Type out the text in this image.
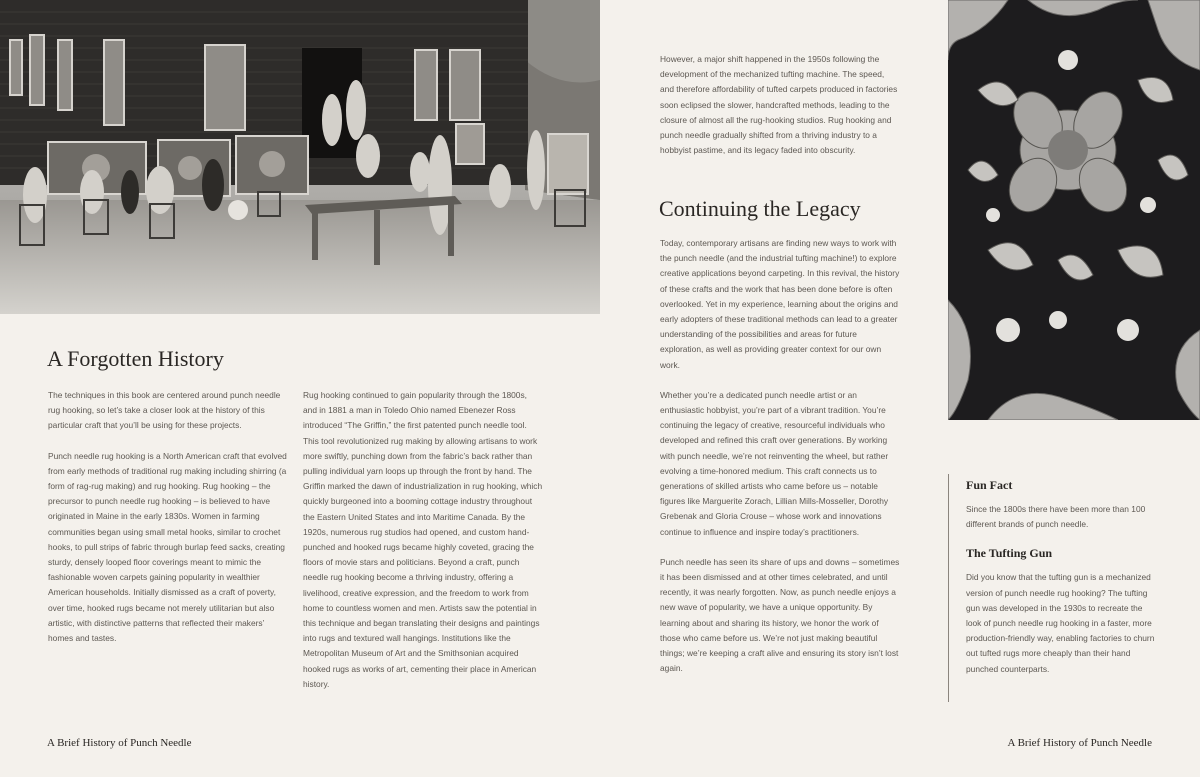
A Forgotten History

The techniques in this book are centered around punch needle rug hooking, so let’s take a closer look at the history of this particular craft that you’ll be using for these projects.

Punch needle rug hooking is a North American craft that evolved from early methods of traditional rug making including shirring (a form of rag-rug making) and rug hooking. Rug hooking – the precursor to punch needle rug hooking – is believed to have originated in Maine in the early 1830s. Women in farming communities began using small metal hooks, similar to crochet hooks, to pull strips of fabric through burlap feed sacks, creating sturdy, densely looped floor coverings meant to mimic the fashionable woven carpets gaining popularity in wealthier American households. Initially dismissed as a craft of poverty, over time, hooked rugs became not merely utilitarian but also artistic, with distinctive patterns that reflected their makers’ homes and tastes.

Rug hooking continued to gain popularity through the 1800s, and in 1881 a man in Toledo Ohio named Ebenezer Ross introduced “The Griffin,” the first patented punch needle tool. This tool revolutionized rug making by allowing artisans to work more swiftly, punching down from the fabric’s back rather than pulling individual yarn loops up through the front by hand. The Griffin marked the dawn of industrialization in rug hooking, which quickly burgeoned into a booming cottage industry throughout the Eastern United States and into Maritime Canada. By the 1920s, numerous rug studios had opened, and custom hand-punched and hooked rugs became highly coveted, gracing the floors of movie stars and politicians. Beyond a craft, punch needle rug hooking become a thriving industry, offering a livelihood, creative expression, and the freedom to work from home to countless women and men. Artists saw the potential in this technique and began translating their designs and paintings into rugs and textured wall hangings. Institutions like the Metropolitan Museum of Art and the Smithsonian acquired hooked rugs as works of art, cementing their place in American history.

However, a major shift happened in the 1950s following the development of the mechanized tufting machine. The speed, and therefore affordability of tufted carpets produced in factories soon eclipsed the slower, handcrafted methods, leading to the closure of almost all the rug-hooking studios. Rug hooking and punch needle gradually shifted from a thriving industry to a hobbyist pastime, and its legacy faded into obscurity.

Continuing the Legacy

Today, contemporary artisans are finding new ways to work with the punch needle (and the industrial tufting machine!) to explore creative applications beyond carpeting. In this revival, the history of these crafts and the work that has been done before is often overlooked. Yet in my experience, learning about the origins and early adopters of these traditional methods can lead to a greater understanding of the possibilities and areas for future exploration, as well as providing greater context for our own work.

Whether you’re a dedicated punch needle artist or an enthusiastic hobbyist, you’re part of a vibrant tradition. You’re continuing the legacy of creative, resourceful individuals who developed and refined this craft over generations. By working with punch needle, we’re not reinventing the wheel, but rather evolving a time-honored medium. This craft connects us to generations of skilled artists who came before us – notable figures like Marguerite Zorach, Lillian Mills-Mosseller, Dorothy Grebenak and Gloria Crouse – whose work and innovations continue to influence and inspire today’s practitioners.

Punch needle has seen its share of ups and downs – sometimes it has been dismissed and at other times celebrated, and until recently, it was nearly forgotten. Now, as punch needle enjoys a new wave of popularity, we have a unique opportunity. By learning about and sharing its history, we honor the work of those who came before us. We’re not just making beautiful things; we’re keeping a craft alive and ensuring its story isn’t lost again.

Fun Fact

Since the 1800s there have been more than 100 different brands of punch needle.

The Tufting Gun

Did you know that the tufting gun is a mechanized version of punch needle rug hooking? The tufting gun was developed in the 1930s to recreate the look of punch needle rug hooking in a faster, more production-friendly way, enabling factories to churn out tufted rugs more cheaply than their hand punched counterparts.

A Brief History of Punch Needle	A Brief History of Punch Needle
